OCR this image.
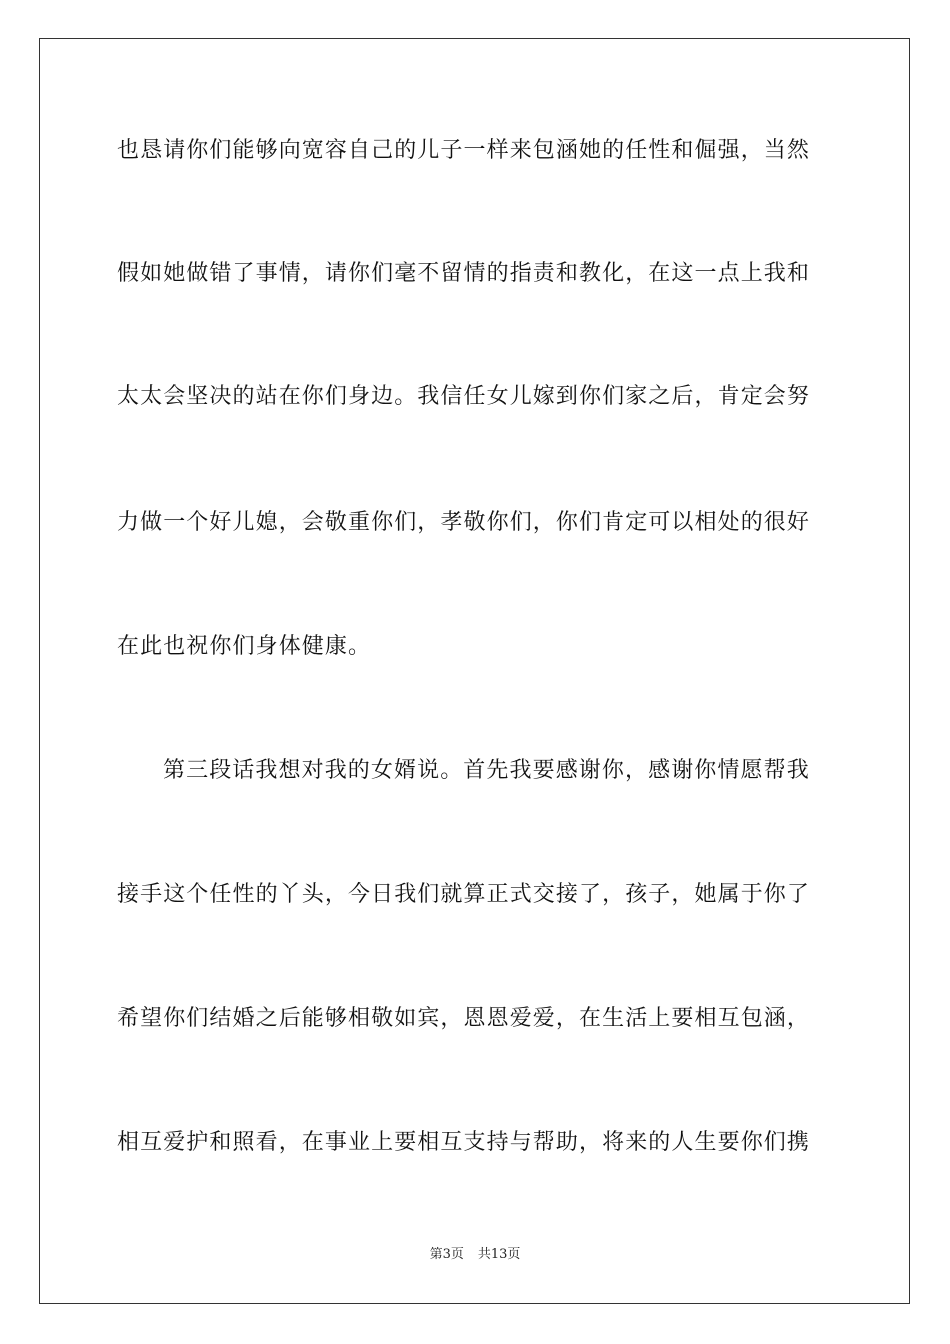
也恳请你们能够向宽容自己的儿子一样来包涵她的任性和倔强，当然
假如她做错了事情，请你们毫不留情的指责和教化，在这一点上我和
太太会坚决的站在你们身边。我信任女儿嫁到你们家之后，肯定会努
力做一个好儿媳，会敬重你们，孝敬你们，你们肯定可以相处的很好
在此也祝你们身体健康。
第三段话我想对我的女婿说。首先我要感谢你，感谢你情愿帮我
接手这个任性的丫头，今日我们就算正式交接了，孩子，她属于你了
希望你们结婚之后能够相敬如宾，恩恩爱爱，在生活上要相互包涵，
相互爱护和照看，在事业上要相互支持与帮助，将来的人生要你们携
第3页 共13页
